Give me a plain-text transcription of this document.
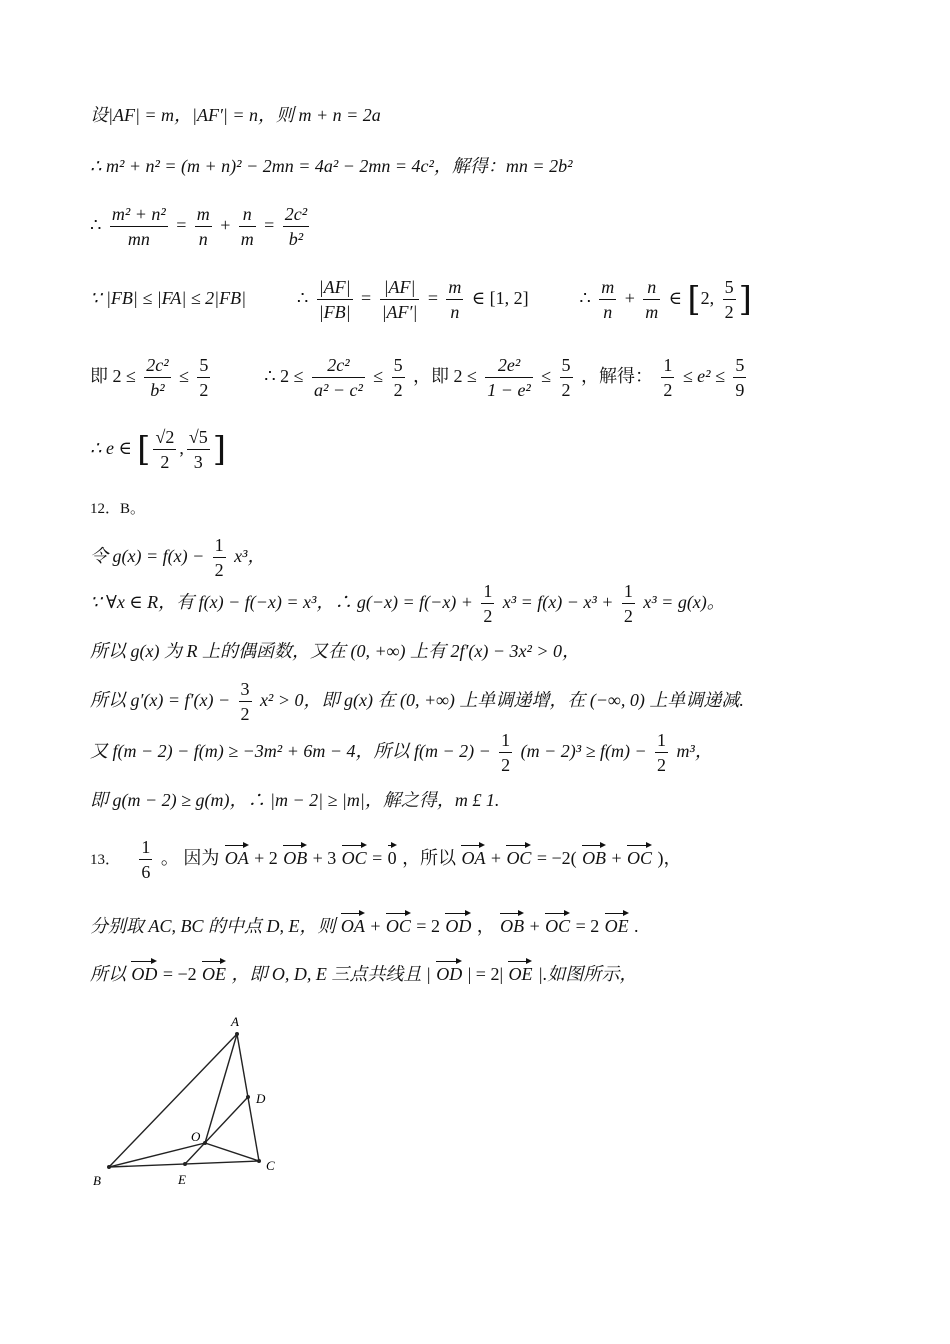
设|AF| = m，|AF′| = n，则 m + n = 2a
∴ m² + n² = (m + n)² − 2mn = 4a² − 2mn = 4c²，解得：mn = 2b²
∴ $\frac{\text{m² + n²}}{mn} = \frac{m}{n} + \frac{n}{m} = \frac{\text{2c²}}{\text{b²}}$
∵ |FB| ≤ |FA| ≤ 2|FB|	∴ $\frac{|AF|}{|FB|} = \frac{|AF|}{|AF'|} = \frac{m}{n}$ ∈ [1, 2]	∴ $\frac{m}{n} + \frac{n}{m}$ ∈ [2, $\frac{5}{2}$ ]
即 $2 \le \frac{\text{2c²}}{\text{b²}} \le \frac{5}{2}$	∴ $2 \le \frac{\text{2c²}}{\text{a² − c²}} \le \frac{5}{2}$ ，即 $2 \le \frac{\text{2e²}}{\text{1 − e²}} \le \frac{5}{2}$ ，解得： $\frac{1}{2} \le e^2 \le \frac{5}{9}$
∴ e ∈ [ $\frac{√2}{2}$ , $\frac{√5}{3}$ ]
12．B。
令 $g(x) = f(x) - \frac{1}{2} x^3$，
∵ ∀x ∈ R，有 f(x) − f(−x) = x³，∴ $g(-x) = f(-x) + \frac{1}{2} x^3 = f(x) - x^3 + \frac{1}{2} x^3 = g(x)$。
所以 g(x) 为 R 上的偶函数，又在 (0, +∞) 上有 2f′(x) − 3x² > 0，
所以 $g'(x) = f'(x) - \frac{3}{2} x^2 > 0$，即 g(x) 在 (0, +∞) 上单调递增，在 (−∞, 0) 上单调递减.
又 f(m − 2) − f(m) ≥ −3m² + 6m − 4，所以 $f(m - 2) - \frac{1}{2} (m - 2)^3 \ge f(m) - \frac{1}{2} m^3$，
即 g(m − 2) ≥ g(m)，∴ |m − 2| ≥ |m|，解之得，m £ 1.
13． $\frac{1}{6}$ 。 因为 OA + 2 OB + 3 OC = 0 ，所以 OA + OC = −2( OB + OC )，
分别取 AC, BC 的中点 D, E，则 OA + OC = 2 OD ， OB + OC = 2 OE .
所以 OD = −2 OE ，即 O, D, E 三点共线且 | OD | = 2| OE |.如图所示，
A
B
C
D
E
O
